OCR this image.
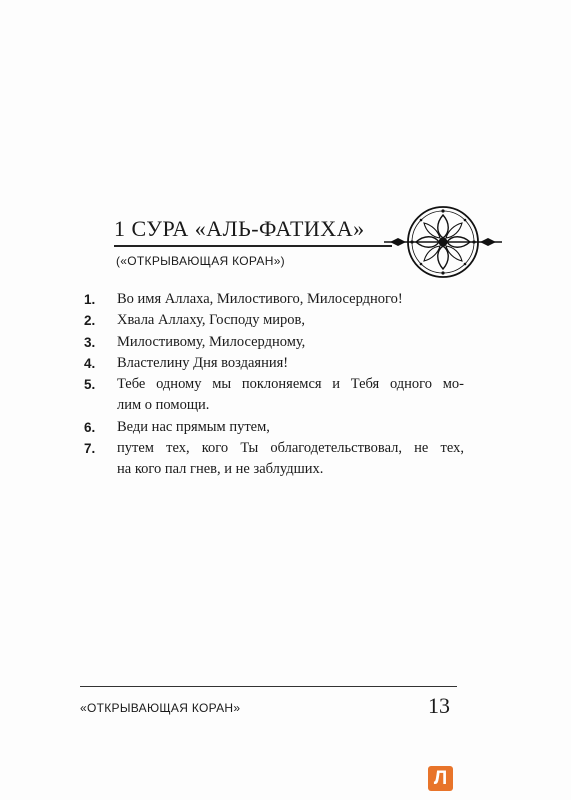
1 СУРА «АЛЬ-ФАТИХА»
(«ОТКРЫВАЮЩАЯ КОРАН»)
1.	Во имя Аллаха, Милостивого, Милосердного!
2.	Хвала Аллаху, Господу миров,
3.	Милостивому, Милосердному,
4.	Властелину Дня воздаяния!
5.	Тебе одному мы поклоняемся и Тебя одного мо-
лим о помощи.
6.	Веди нас прямым путем,
7.	путем тех, кого Ты облагодетельствовал, не тех,
на кого пал гнев, и не заблудших.
«ОТКРЫВАЮЩАЯ КОРАН»	13
Л
